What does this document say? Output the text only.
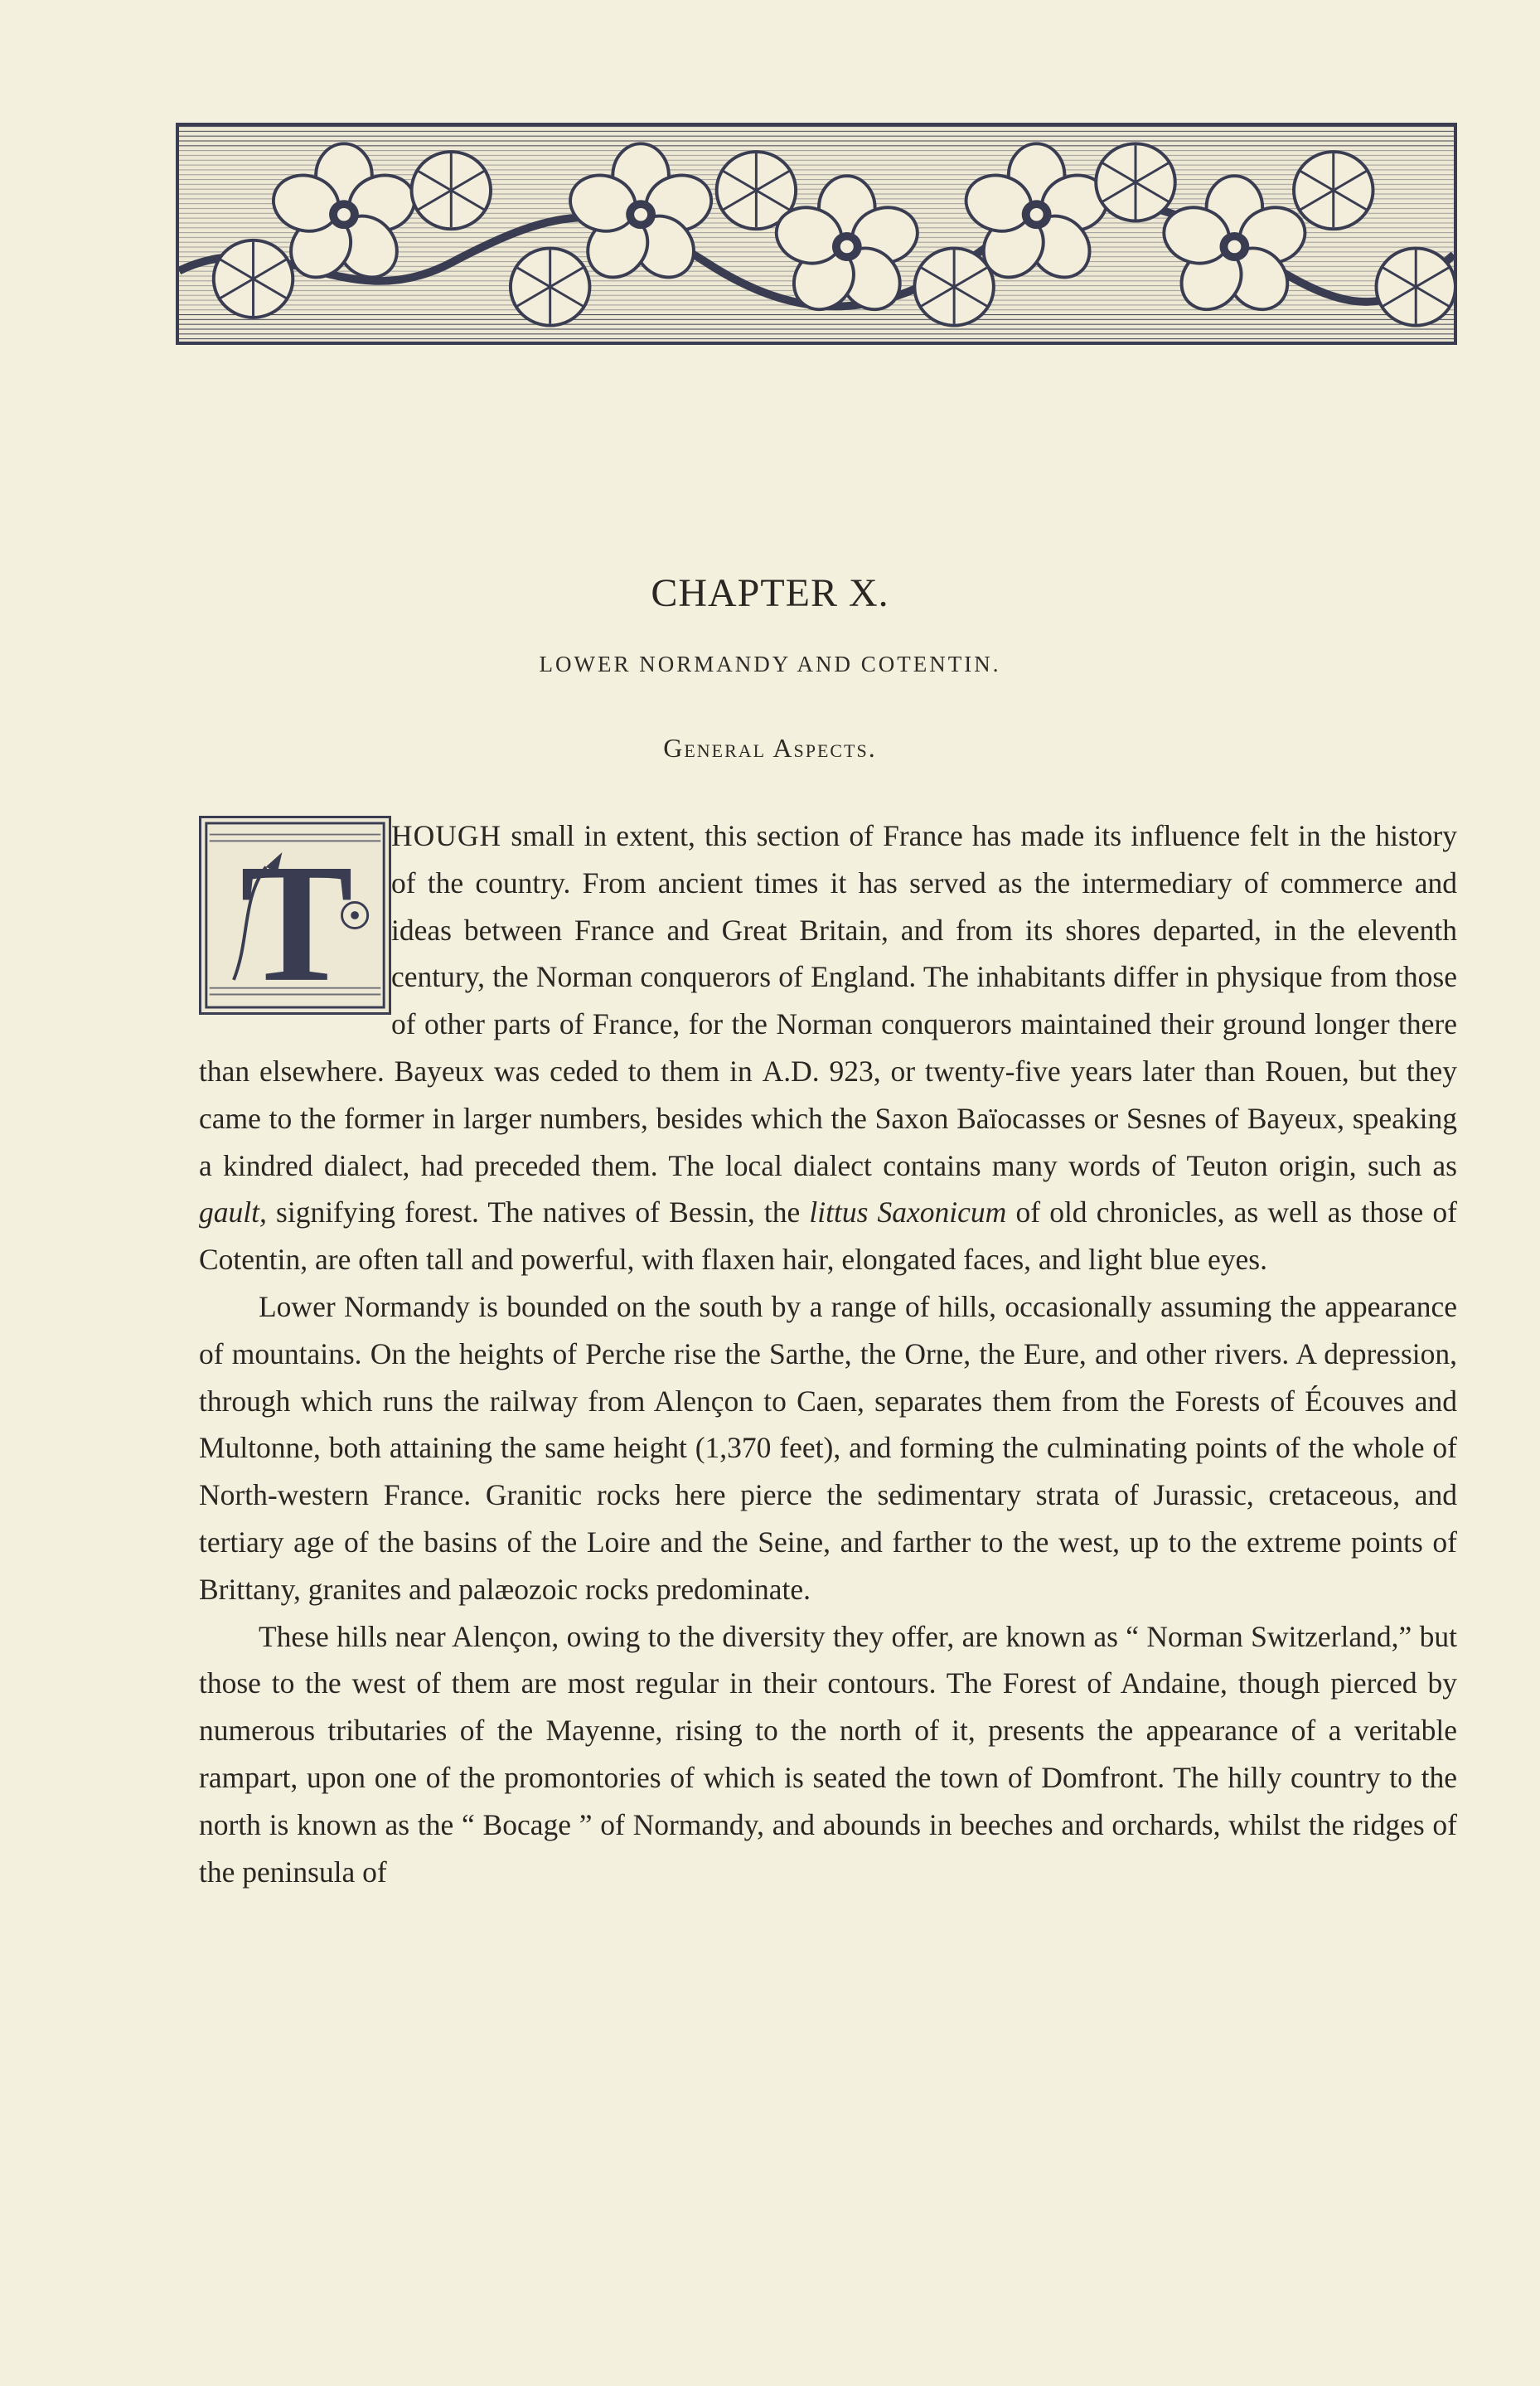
CHAPTER X.
LOWER NORMANDY AND COTENTIN.
General Aspects.
T	HOUGH small in extent, this section of France has made its influence felt in the history of the country. From ancient times it has served as the intermediary of commerce and ideas between France and Great Britain, and from its shores departed, in the eleventh century, the Norman conquerors of England. The inhabitants differ in physique from those of other parts of France, for the Norman conquerors maintained their ground longer there than elsewhere. Bayeux was ceded to them in A.D. 923, or twenty-five years later than Rouen, but they came to the former in larger numbers, besides which the Saxon Baïocasses or Sesnes of Bayeux, speaking a kindred dialect, had preceded them. The local dialect contains many words of Teuton origin, such as gault, signifying forest. The natives of Bessin, the littus Saxonicum of old chronicles, as well as those of Cotentin, are often tall and powerful, with flaxen hair, elongated faces, and light blue eyes.

Lower Normandy is bounded on the south by a range of hills, occasionally assuming the appearance of mountains. On the heights of Perche rise the Sarthe, the Orne, the Eure, and other rivers. A depression, through which runs the railway from Alençon to Caen, separates them from the Forests of Écouves and Multonne, both attaining the same height (1,370 feet), and forming the culminating points of the whole of North-western France. Granitic rocks here pierce the sedimentary strata of Jurassic, cretaceous, and tertiary age of the basins of the Loire and the Seine, and farther to the west, up to the extreme points of Brittany, granites and palæozoic rocks predominate.

These hills near Alençon, owing to the diversity they offer, are known as “ Norman Switzerland,” but those to the west of them are most regular in their contours. The Forest of Andaine, though pierced by numerous tributaries of the Mayenne, rising to the north of it, presents the appearance of a veritable rampart, upon one of the promontories of which is seated the town of Domfront. The hilly country to the north is known as the “ Bocage ” of Normandy, and abounds in beeches and orchards, whilst the ridges of the peninsula of
